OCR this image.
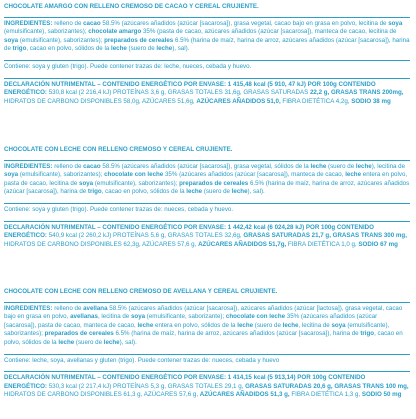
CHOCOLATE AMARGO CON RELLENO CREMOSO DE CACAO Y CEREAL CRUJIENTE.

INGREDIENTES: relleno de cacao 58.5% (azúcares añadidos (azúcar [sacarosa]), grasa vegetal, cacao bajo en grasa en polvo, lecitina de soya (emulsificante), saborizantes); chocolate amargo 35% (pasta de cacao, azúcares añadidos (azúcar [sacarosa]), manteca de cacao, lecitina de soya (emulsificante), saborizantes); preparados de cereales 6.5% (harina de maíz, harina de arroz, azúcares añadidos (azúcar [sacarosa]), harina de trigo, cacao en polvo, sólidos de la leche (suero de leche), sal).

Contiene: soya y gluten (trigo). Puede contener trazas de: leche, nueces, cebada y huevo.

DECLARACIÓN NUTRIMENTAL – CONTENIDO ENERGÉTICO POR ENVASE: 1 415,48 kcal (5 910, 47 kJ) POR 100g CONTENIDO ENERGÉTICO: 530,8 kcal (2 216,4 kJ) PROTEÍNAS 3,6 g, GRASAS TOTALES 31,6g, GRASAS SATURADAS 22,2 g, GRASAS TRANS 200mg, HIDRATOS DE CARBONO DISPONIBLES 58,0g, AZÚCARES 51,6g, AZÚCARES AÑADIDOS 51,0, FIBRA DIETÉTICA 4,2g, SODIO 38 mg

CHOCOLATE CON LECHE CON RELLENO CREMOSO Y CEREAL CRUJIENTE.

INGREDIENTES: relleno de cacao 58.5% (azúcares añadidos (azúcar [sacarosa]), grasa vegetal, sólidos de la leche (suero de leche), lecitina de soya (emulsificante), saborizantes); chocolate con leche 35% (azúcares añadidos (azúcar [sacarosa]), manteca de cacao, leche entera en polvo, pasta de cacao, lecitina de soya (emulsificante), saborizantes); preparados de cereales 6.5% (harina de maíz, harina de arroz, azúcares añadidos (azúcar [sacarosa]), harina de trigo, cacao en polvo, sólidos de la leche (suero de leche), sal).

Contiene: soya y gluten (trigo). Puede contener trazas de: nueces, cebada y huevo.

DECLARACIÓN NUTRIMENTAL – CONTENIDO ENERGÉTICO POR ENVASE: 1 442,42 kcal (6 024,28 kJ) POR 100g CONTENIDO ENERGÉTICO: 540,9 kcal (2 260,2 kJ) PROTEÍNAS 5,6 g, GRASAS TOTALES 32,6g, GRASAS SATURADAS 21,7 g, GRASAS TRANS 300 mg, HIDRATOS DE CARBONO DISPONIBLES 62,3g, AZÚCARES 57,6 g, AZÚCARES AÑADIDOS 51,7g, FIBRA DIETÉTICA 1,0 g, SODIO 67 mg

CHOCOLATE CON LECHE CON RELLENO CREMOSO DE AVELLANA Y CEREAL CRUJIENTE.

INGREDIENTES: relleno de avellana 58.5% (azúcares añadidos (azúcar [sacarosa]), azúcares añadidos (azúcar [lactosa]), grasa vegetal, cacao bajo en grasa en polvo, avellanas, lecitina de soya (emulsificante, saborizante); chocolate con leche 35% (azúcares añadidos (azúcar [sacarosa]), pasta de cacao, manteca de cacao, leche entera en polvo, sólidos de la leche (suero de leche, lecitina de soya (emulsificante), saborizantes); preparados de cereales 6.5% (harina de maíz, harina de arroz, azúcares añadidos (azúcar [sacarosa]), harina de trigo, cacao en polvo, sólidos de la leche (suero de leche), sal).

Contiene: leche, soya, avellanas y gluten (trigo). Puede contener trazas de: nueces, cebada y huevo

DECLARACIÓN NUTRIMENTAL – CONTENIDO ENERGÉTICO POR ENVASE: 1 414,15 kcal (5 913,14) POR 100g CONTENIDO ENERGÉTICO: 530,3 kcal (2 217,4 kJ) PROTEÍNAS 5,3 g, GRASAS TOTALES 29,1 g, GRASAS SATURADAS 20,6 g, GRASAS TRANS 100 mg, HIDRATOS DE CARBONO DISPONIBLES 61,3 g, AZÚCARES 57,6 g, AZÚCARES AÑADIDOS 51,3 g, FIBRA DIETÉTICA 1,3 g, SODIO 50 mg
